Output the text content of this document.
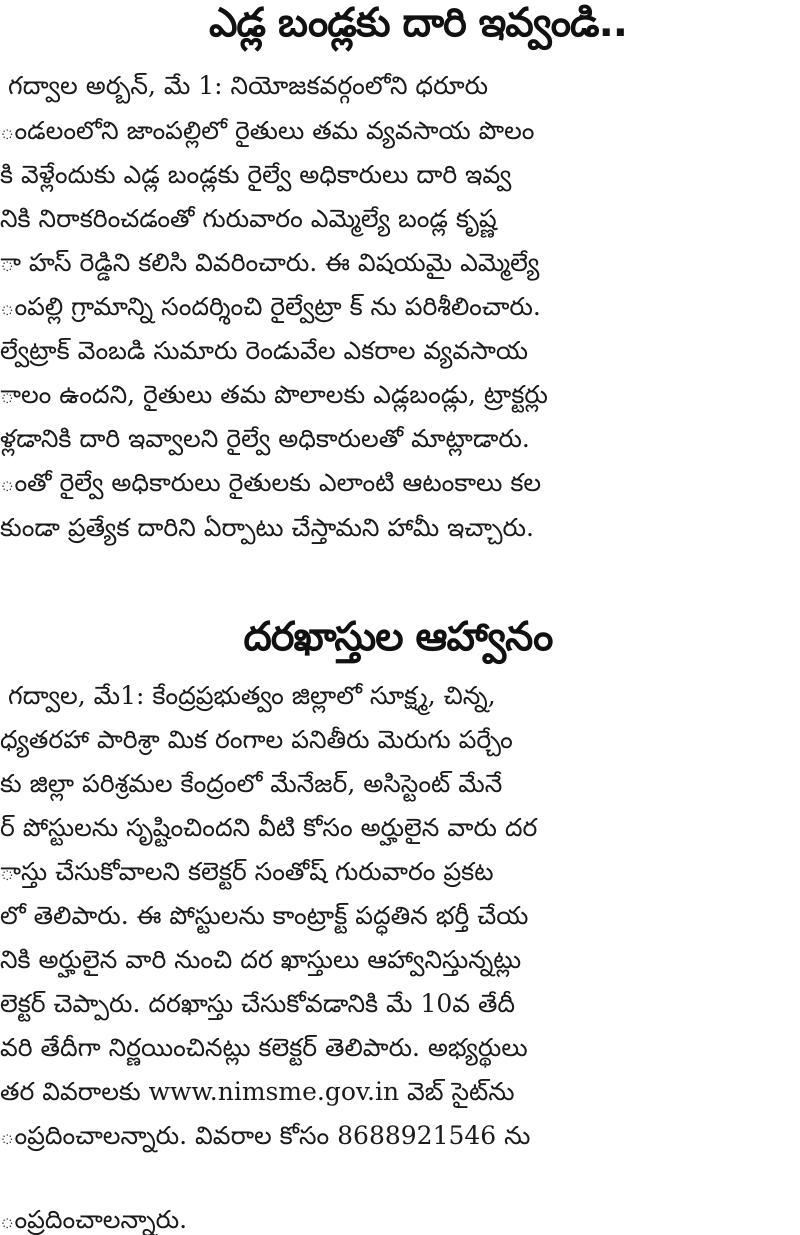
ఎడ్ల బండ్లకు దారి ఇవ్వండి..
గద్వాల అర్బన్, మే 1: నియోజకవర్గంలోని ధరూరు
ండలంలోని జాంపల్లిలో రైతులు తమ వ్యవసాయ పొలం
కి వెళ్లేందుకు ఎడ్ల బండ్లకు రైల్వే అధికారులు దారి ఇవ్వ
నికి నిరాకరించడంతో గురువారం ఎమ్మెల్యే బండ్ల కృష్ణ
ా హస్ రెడ్డిని కలిసి వివరించారు. ఈ విషయమై ఎమ్మెల్యే
ంపల్లి గ్రామాన్ని సందర్శించి రైల్వేట్రా క్ ను పరిశీలించారు.
ల్వేట్రాక్ వెంబడి సుమారు రెండువేల ఎకరాల వ్యవసాయ
ాలం ఉందని, రైతులు తమ పొలాలకు ఎడ్లబండ్లు, ట్రాక్టర్లు
ళ్లడానికి దారి ఇవ్వాలని రైల్వే అధికారులతో మాట్లాడారు.
ంతో రైల్వే అధికారులు రైతులకు ఎలాంటి ఆటంకాలు కల
కుండా ప్రత్యేక దారిని ఏర్పాటు చేస్తామని హామీ ఇచ్చారు.
దరఖాస్తుల ఆహ్వానం
గద్వాల, మే1: కేంద్రప్రభుత్వం జిల్లాలో సూక్ష్మ, చిన్న,
ధ్యతరహా పారిశ్రా మిక రంగాల పనితీరు మెరుగు పర్చేం
కు జిల్లా పరిశ్రమల కేంద్రంలో మేనేజర్, అసిస్టెంట్ మేనే
ర్ పోస్టులను సృష్టించిందని వీటి కోసం అర్హులైన వారు దర
ాస్తు చేసుకోవాలని కలెక్టర్ సంతోష్ గురువారం ప్రకట
లో తెలిపారు. ఈ పోస్టులను కాంట్రాక్ట్ పద్ధతిన భర్తీ చేయ
నికి అర్హులైన వారి నుంచి దర ఖాస్తులు ఆహ్వానిస్తున్నట్లు
లెక్టర్ చెప్పారు. దరఖాస్తు చేసుకోవడానికి మే 10వ తేదీ
వరి తేదీగా నిర్ణయించినట్లు కలెక్టర్ తెలిపారు. అభ్యర్థులు
తర వివరాలకు www.nimsme.gov.in వెబ్ సైట్‌ను
ంప్రదించాలన్నారు. వివరాల కోసం 8688921546 ను
ంప్రదించాలన్నారు.
